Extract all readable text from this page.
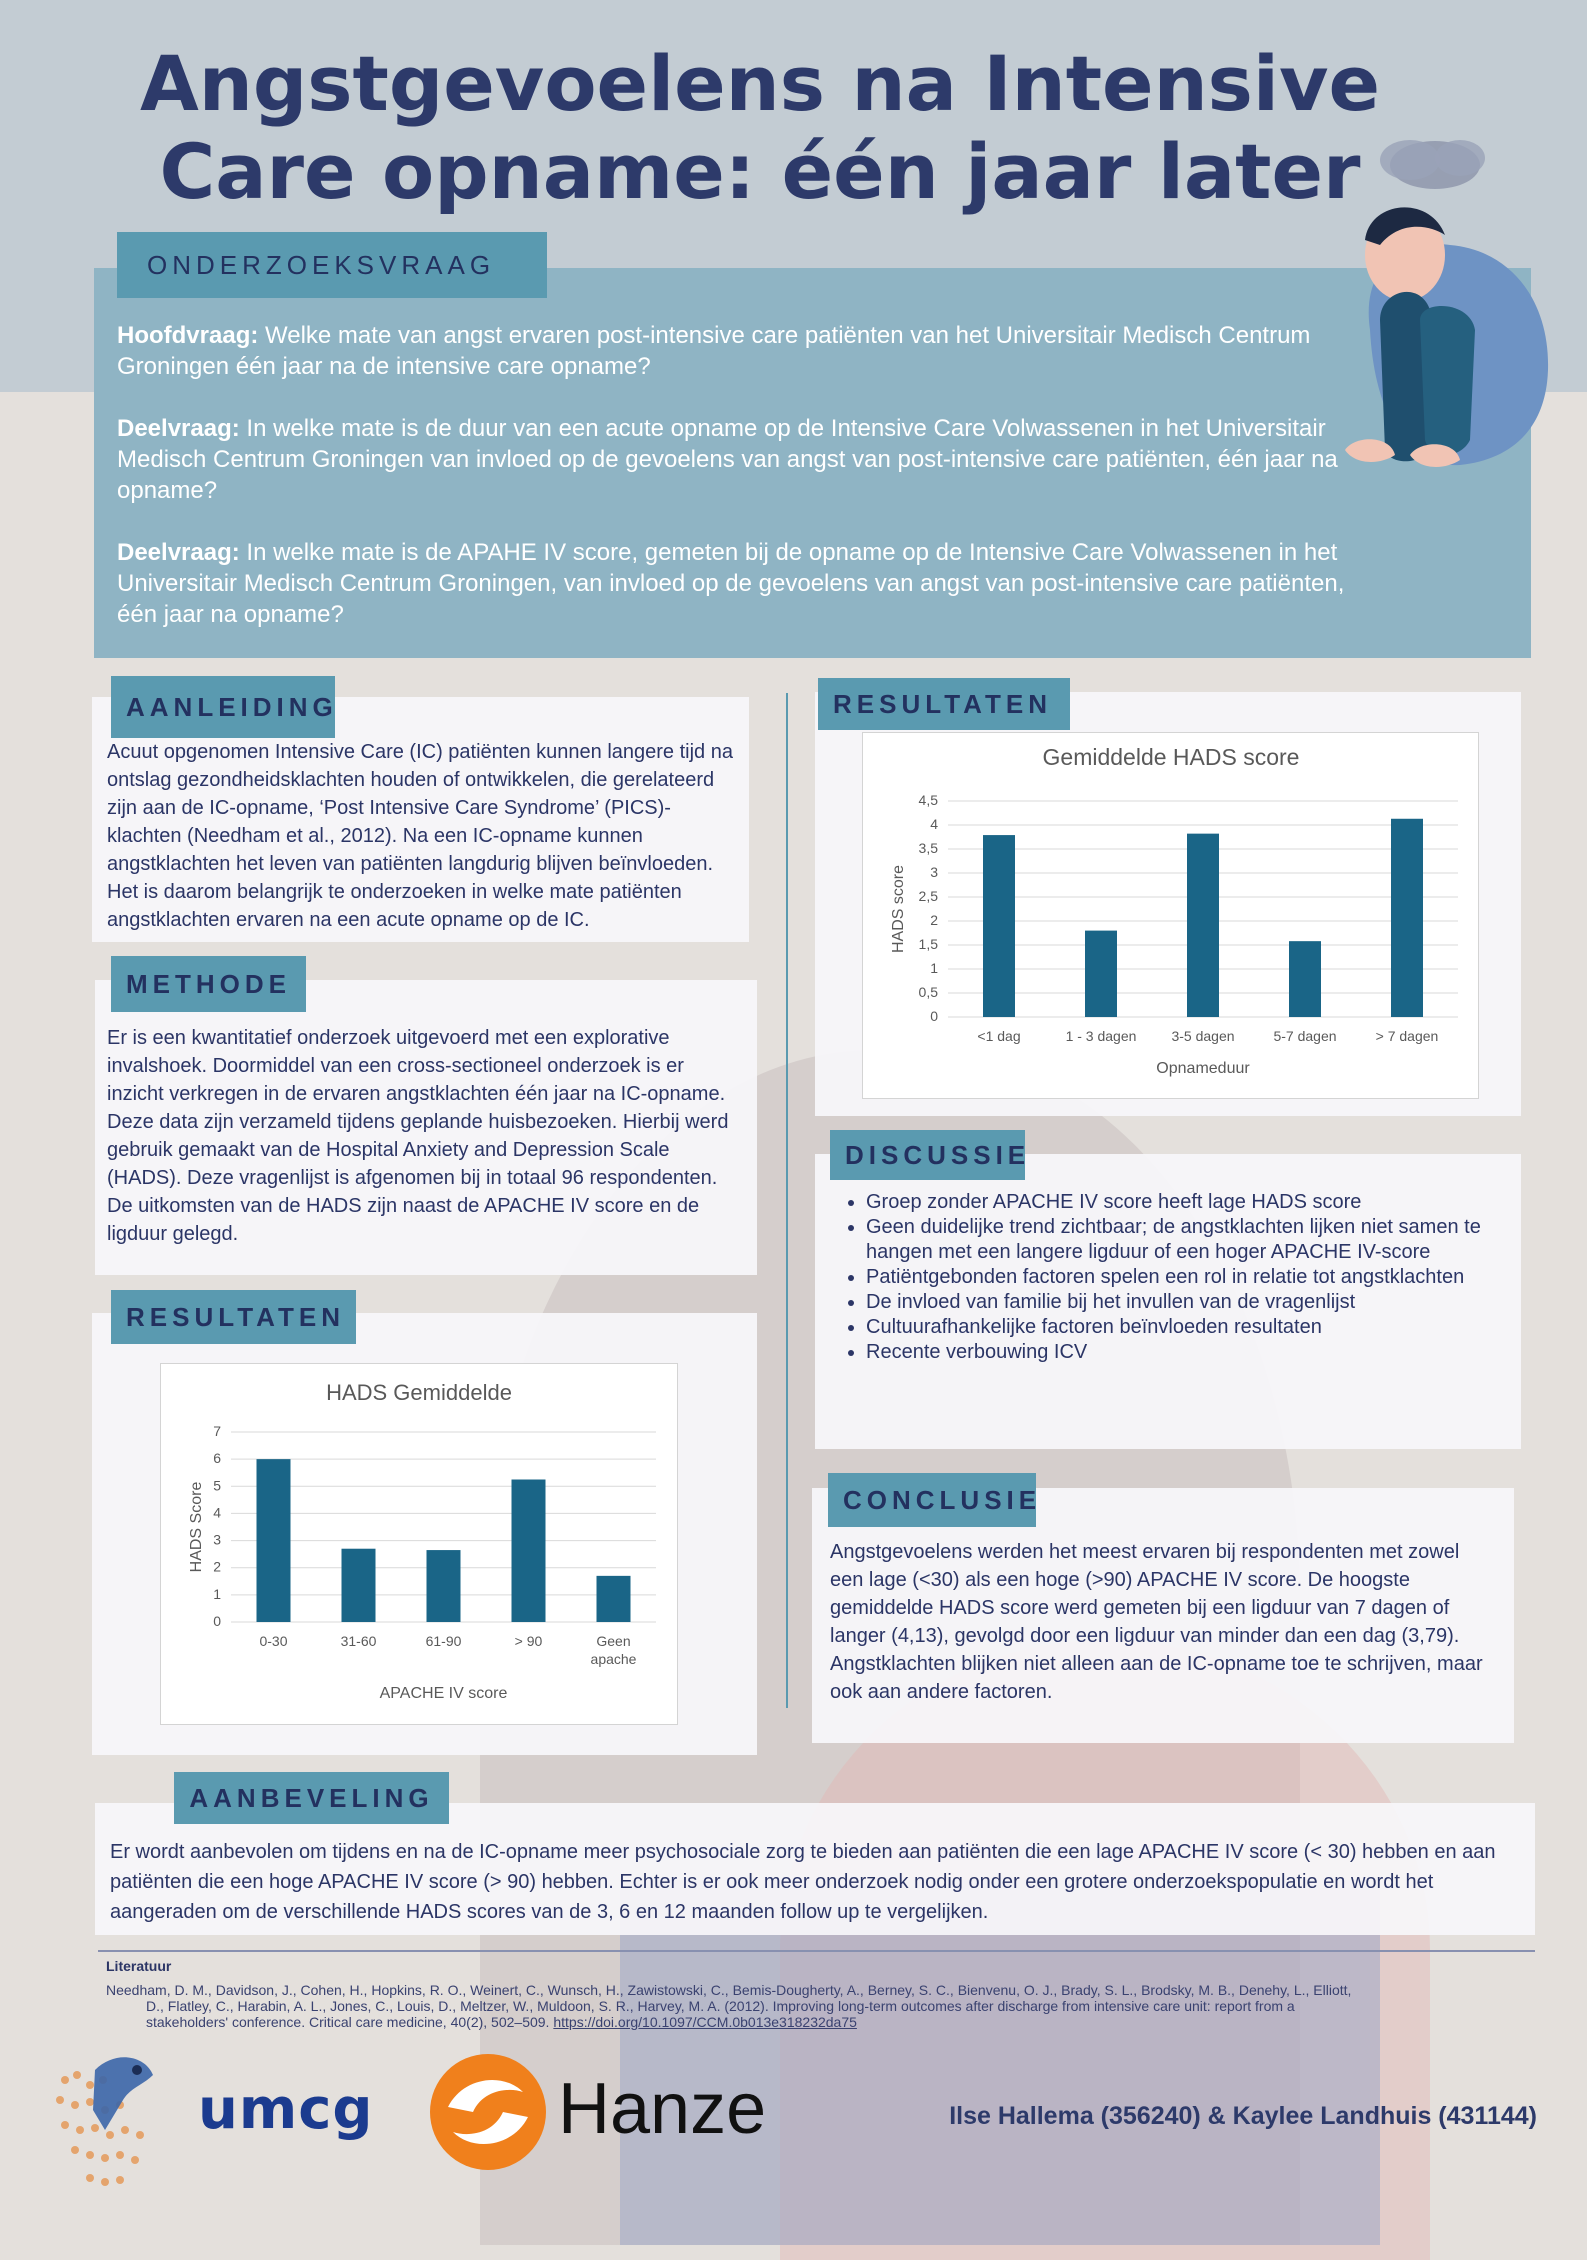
Angstgevoelens na Intensive Care opname: één jaar later
ONDERZOEKSVRAAG

Hoofdvraag: Welke mate van angst ervaren post-intensive care patiënten van het Universitair Medisch Centrum Groningen één jaar na de intensive care opname?

Deelvraag: In welke mate is de duur van een acute opname op de Intensive Care Volwassenen in het Universitair Medisch Centrum Groningen van invloed op de gevoelens van angst van post-intensive care patiënten, één jaar na opname?

Deelvraag: In welke mate is de APAHE IV score, gemeten bij de opname op de Intensive Care Volwassenen in het Universitair Medisch Centrum Groningen, van invloed op de gevoelens van angst van post-intensive care patiënten, één jaar na opname?

AANLEIDING

Acuut opgenomen Intensive Care (IC) patiënten kunnen langere tijd na ontslag gezondheidsklachten houden of ontwikkelen, die gerelateerd zijn aan de IC-opname, ‘Post Intensive Care Syndrome’ (PICS)-klachten (Needham et al., 2012). Na een IC-opname kunnen angstklachten het leven van patiënten langdurig blijven beïnvloeden. Het is daarom belangrijk te onderzoeken in welke mate patiënten angstklachten ervaren na een acute opname op de IC.

METHODE

Er is een kwantitatief onderzoek uitgevoerd met een explorative invalshoek. Doormiddel van een cross-sectioneel onderzoek is er inzicht verkregen in de ervaren angstklachten één jaar na IC-opname. Deze data zijn verzameld tijdens geplande huisbezoeken. Hierbij werd gebruik gemaakt van de Hospital Anxiety and Depression Scale (HADS). Deze vragenlijst is afgenomen bij in totaal 96 respondenten. De uitkomsten van de HADS zijn naast de APACHE IV score en de ligduur gelegd.

RESULTATEN
HADS Gemiddelde
0
1
2
3
4
5
6
7
0-30	31-60	61-90	> 90	Geen
apache
APACHE IV score
HADS Score
RESULTATEN
Gemiddelde HADS score
0
0,5
1
1,5
2
2,5
3
3,5
4
4,5
<1 dag	1 - 3 dagen	3-5 dagen	5-7 dagen	> 7 dagen
Opnameduur
HADS score
DISCUSSIE
• Groep zonder APACHE IV score heeft lage HADS score
• Geen duidelijke trend zichtbaar; de angstklachten lijken niet samen te hangen met een langere ligduur of een hoger APACHE IV-score
• Patiëntgebonden factoren spelen een rol in relatie tot angstklachten
• De invloed van familie bij het invullen van de vragenlijst
• Cultuurafhankelijke factoren beïnvloeden resultaten
• Recente verbouwing ICV
CONCLUSIE

Angstgevoelens werden het meest ervaren bij respondenten met zowel een lage (<30) als een hoge (>90) APACHE IV score. De hoogste gemiddelde HADS score werd gemeten bij een ligduur van 7 dagen of langer (4,13), gevolgd door een ligduur van minder dan een dag (3,79). Angstklachten blijken niet alleen aan de IC-opname toe te schrijven, maar ook aan andere factoren.

AANBEVELING

Er wordt aanbevolen om tijdens en na de IC-opname meer psychosociale zorg te bieden aan patiënten die een lage APACHE IV score (< 30) hebben en aan patiënten die een hoge APACHE IV score (> 90) hebben. Echter is er ook meer onderzoek nodig onder een grotere onderzoekspopulatie en wordt het aangeraden om de verschillende HADS scores van de 3, 6 en 12 maanden follow up te vergelijken.

Literatuur
Needham, D. M., Davidson, J., Cohen, H., Hopkins, R. O., Weinert, C., Wunsch, H., Zawistowski, C., Bemis-Dougherty, A., Berney, S. C., Bienvenu, O. J., Brady, S. L., Brodsky, M. B., Denehy, L., Elliott,
D., Flatley, C., Harabin, A. L., Jones, C., Louis, D., Meltzer, W., Muldoon, S. R., Harvey, M. A. (2012). Improving long-term outcomes after discharge from intensive care unit: report from a
stakeholders' conference. Critical care medicine, 40(2), 502–509. https://doi.org/10.1097/CCM.0b013e318232da75
umcg	Hanze	Ilse Hallema (356240) & Kaylee Landhuis (431144)
